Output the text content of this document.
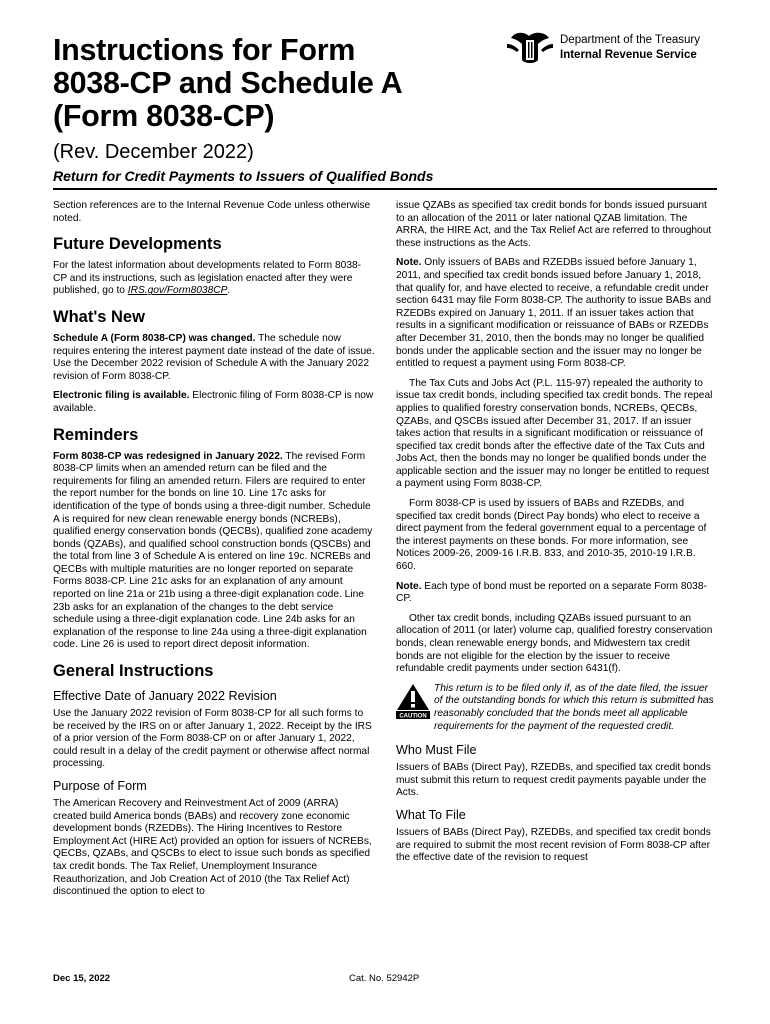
Instructions for Form
8038-CP and Schedule A
(Form 8038-CP)
(Rev. December 2022)
Return for Credit Payments to Issuers of Qualified Bonds
Department of the Treasury
Internal Revenue Service

Section references are to the Internal Revenue Code unless otherwise noted.

Future Developments

For the latest information about developments related to Form 8038-CP and its instructions, such as legislation enacted after they were published, go to IRS.gov/Form8038CP.

What's New

Schedule A (Form 8038-CP) was changed. The schedule now requires entering the interest payment date instead of the date of issue. Use the December 2022 revision of Schedule A with the January 2022 revision of Form 8038-CP.

Electronic filing is available. Electronic filing of Form 8038-CP is now available.

Reminders

Form 8038-CP was redesigned in January 2022. The revised Form 8038-CP limits when an amended return can be filed and the requirements for filing an amended return. Filers are required to enter the report number for the bonds on line 10. Line 17c asks for identification of the type of bonds using a three-digit number. Schedule A is required for new clean renewable energy bonds (NCREBs), qualified energy conservation bonds (QECBs), qualified zone academy bonds (QZABs), and qualified school construction bonds (QSCBs) and the total from line 3 of Schedule A is entered on line 19c. NCREBs and QECBs with multiple maturities are no longer reported on separate Forms 8038-CP. Line 21c asks for an explanation of any amount reported on line 21a or 21b using a three-digit explanation code. Line 23b asks for an explanation of the changes to the debt service schedule using a three-digit explanation code. Line 24b asks for an explanation of the response to line 24a using a three-digit explanation code. Line 26 is used to report direct deposit information.

General Instructions
Effective Date of January 2022 Revision

Use the January 2022 revision of Form 8038-CP for all such forms to be received by the IRS on or after January 1, 2022. Receipt by the IRS of a prior version of the Form 8038-CP on or after January 1, 2022, could result in a delay of the credit payment or otherwise affect normal processing.

Purpose of Form

The American Recovery and Reinvestment Act of 2009 (ARRA) created build America bonds (BABs) and recovery zone economic development bonds (RZEDBs). The Hiring Incentives to Restore Employment Act (HIRE Act) provided an option for issuers of NCREBs, QECBs, QZABs, and QSCBs to elect to issue such bonds as specified tax credit bonds. The Tax Relief, Unemployment Insurance Reauthorization, and Job Creation Act of 2010 (the Tax Relief Act) discontinued the option to elect to

issue QZABs as specified tax credit bonds for bonds issued pursuant to an allocation of the 2011 or later national QZAB limitation. The ARRA, the HIRE Act, and the Tax Relief Act are referred to throughout these instructions as the Acts.

Note. Only issuers of BABs and RZEDBs issued before January 1, 2011, and specified tax credit bonds issued before January 1, 2018, that qualify for, and have elected to receive, a refundable credit under section 6431 may file Form 8038-CP. The authority to issue BABs and RZEDBs expired on January 1, 2011. If an issuer takes action that results in a significant modification or reissuance of BABs or RZEDBs after December 31, 2010, then the bonds may no longer be qualified bonds under the applicable section and the issuer may no longer be entitled to request a payment using Form 8038-CP.

The Tax Cuts and Jobs Act (P.L. 115-97) repealed the authority to issue tax credit bonds, including specified tax credit bonds. The repeal applies to qualified forestry conservation bonds, NCREBs, QECBs, QZABs, and QSCBs issued after December 31, 2017. If an issuer takes action that results in a significant modification or reissuance of specified tax credit bonds after the effective date of the Tax Cuts and Jobs Act, then the bonds may no longer be qualified bonds under the applicable section and the issuer may no longer be entitled to request a payment using Form 8038-CP.

Form 8038-CP is used by issuers of BABs and RZEDBs, and specified tax credit bonds (Direct Pay bonds) who elect to receive a direct payment from the federal government equal to a percentage of the interest payments on these bonds. For more information, see Notices 2009-26, 2009-16 I.R.B. 833, and 2010-35, 2010-19 I.R.B. 660.

Note. Each type of bond must be reported on a separate Form 8038-CP.

Other tax credit bonds, including QZABs issued pursuant to an allocation of 2011 (or later) volume cap, qualified forestry conservation bonds, clean renewable energy bonds, and Midwestern tax credit bonds are not eligible for the election by the issuer to receive refundable credit payments under section 6431(f).

CAUTION
This return is to be filed only if, as of the date filed, the issuer of the outstanding bonds for which this return is submitted has reasonably concluded that the bonds meet all applicable requirements for the payment of the requested credit.
Who Must File

Issuers of BABs (Direct Pay), RZEDBs, and specified tax credit bonds must submit this return to request credit payments payable under the Acts.

What To File

Issuers of BABs (Direct Pay), RZEDBs, and specified tax credit bonds are required to submit the most recent revision of Form 8038-CP after the effective date of the revision to request

Dec 15, 2022	Cat. No. 52942P
